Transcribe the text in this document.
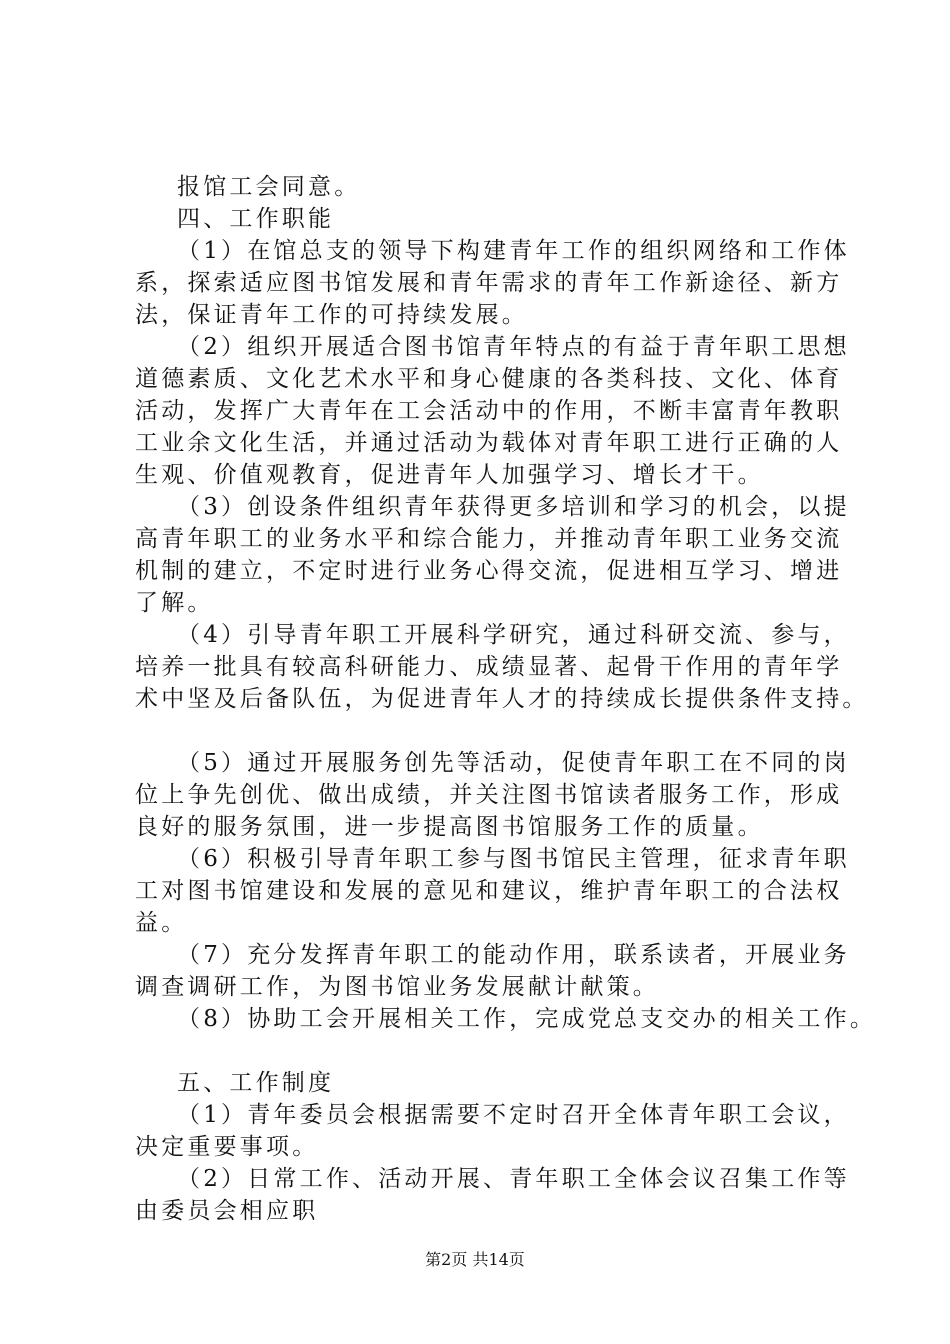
报馆工会同意。
四、工作职能
（1）在馆总支的领导下构建青年工作的组织网络和工作体
系，探索适应图书馆发展和青年需求的青年工作新途径、新方
法，保证青年工作的可持续发展。
（2）组织开展适合图书馆青年特点的有益于青年职工思想
道德素质、文化艺术水平和身心健康的各类科技、文化、体育
活动，发挥广大青年在工会活动中的作用，不断丰富青年教职
工业余文化生活，并通过活动为载体对青年职工进行正确的人
生观、价值观教育，促进青年人加强学习、增长才干。
（3）创设条件组织青年获得更多培训和学习的机会，以提
高青年职工的业务水平和综合能力，并推动青年职工业务交流
机制的建立，不定时进行业务心得交流，促进相互学习、增进
了解。
（4）引导青年职工开展科学研究，通过科研交流、参与，
培养一批具有较高科研能力、成绩显著、起骨干作用的青年学
术中坚及后备队伍，为促进青年人才的持续成长提供条件支持。
（5）通过开展服务创先等活动，促使青年职工在不同的岗
位上争先创优、做出成绩，并关注图书馆读者服务工作，形成
良好的服务氛围，进一步提高图书馆服务工作的质量。
（6）积极引导青年职工参与图书馆民主管理，征求青年职
工对图书馆建设和发展的意见和建议，维护青年职工的合法权
益。
（7）充分发挥青年职工的能动作用，联系读者，开展业务
调查调研工作，为图书馆业务发展献计献策。
（8）协助工会开展相关工作，完成党总支交办的相关工作。
五、工作制度
（1）青年委员会根据需要不定时召开全体青年职工会议，
决定重要事项。
（2）日常工作、活动开展、青年职工全体会议召集工作等
由委员会相应职
第2页 共14页
